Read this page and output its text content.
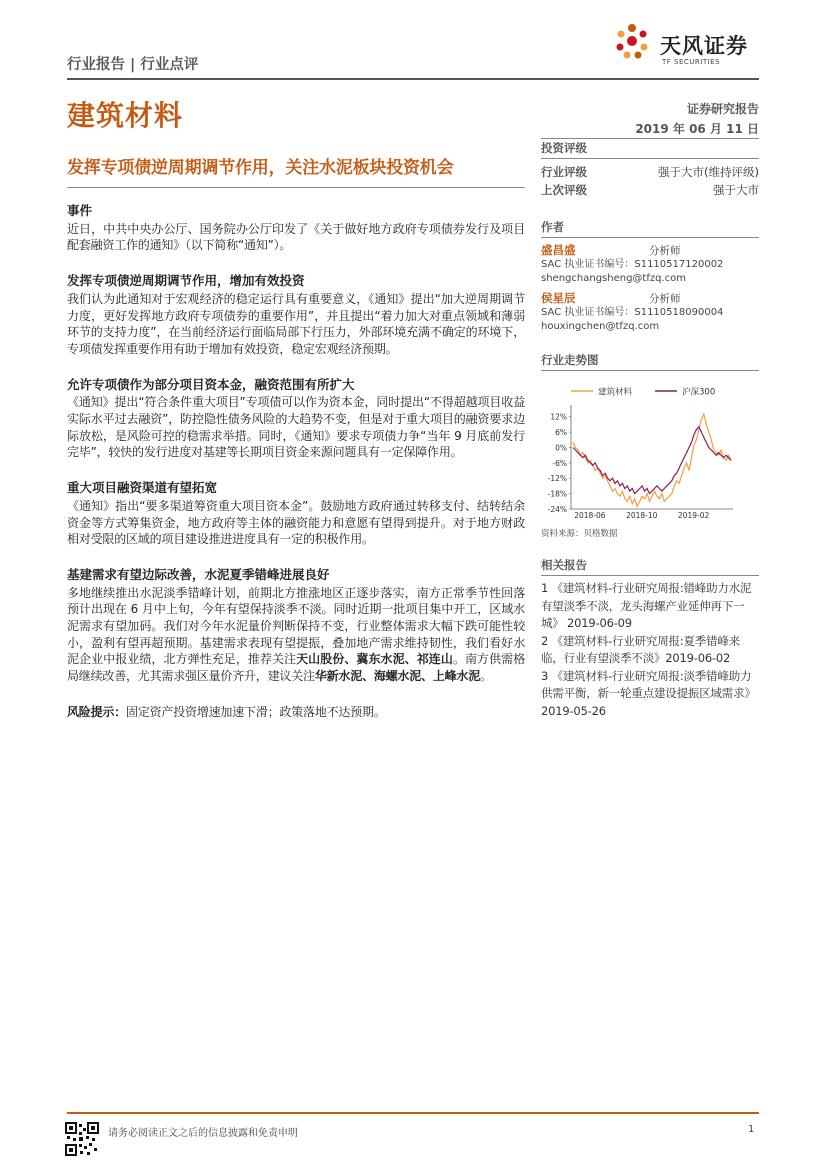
天风证券
TF SECURITIES
行业报告 | 行业点评
建筑材料	证券研究报告
2019 年 06 月 11 日
发挥专项债逆周期调节作用，关注水泥板块投资机会
事件

近日，中共中央办公厅、国务院办公厅印发了《关于做好地方政府专项债券发行及项目配套融资工作的通知》（以下简称“通知”）。

发挥专项债逆周期调节作用，增加有效投资

我们认为此通知对于宏观经济的稳定运行具有重要意义，《通知》提出“加大逆周期调节力度，更好发挥地方政府专项债券的重要作用”，并且提出“着力加大对重点领域和薄弱环节的支持力度”，在当前经济运行面临局部下行压力，外部环境充满不确定的环境下，专项债发挥重要作用有助于增加有效投资，稳定宏观经济预期。

允许专项债作为部分项目资本金，融资范围有所扩大

《通知》提出“符合条件重大项目”专项债可以作为资本金，同时提出“不得超越项目收益实际水平过去融资”，防控隐性债务风险的大趋势不变，但是对于重大项目的融资要求边际放松，是风险可控的稳需求举措。同时，《通知》要求专项债力争“当年 9 月底前发行完毕”，较快的发行进度对基建等长期项目资金来源问题具有一定保障作用。

重大项目融资渠道有望拓宽

《通知》指出“要多渠道筹资重大项目资本金”。鼓励地方政府通过转移支付、结转结余资金等方式筹集资金，地方政府等主体的融资能力和意愿有望得到提升。对于地方财政相对受限的区域的项目建设推进进度具有一定的积极作用。

基建需求有望边际改善，水泥夏季错峰进展良好

多地继续推出水泥淡季错峰计划，前期北方推涨地区正逐步落实，南方正常季节性回落预计出现在 6 月中上旬，今年有望保持淡季不淡。同时近期一批项目集中开工，区域水泥需求有望加码。我们对今年水泥量价判断保持不变，行业整体需求大幅下跌可能性较小，盈利有望再超预期。基建需求表现有望提振，叠加地产需求维持韧性，我们看好水泥企业中报业绩，北方弹性充足，推荐关注天山股份、冀东水泥、祁连山。南方供需格局继续改善，尤其需求强区量价齐升，建议关注华新水泥、海螺水泥、上峰水泥。

风险提示：固定资产投资增速加速下滑；政策落地不达预期。

投资评级
行业评级	强于大市(维持评级)
上次评级	强于大市
作者
盛昌盛	分析师
SAC 执业证书编号：S1110517120002
shengchangsheng@tfzq.com
侯星辰	分析师
SAC 执业证书编号：S1110518090004
houxingchen@tfzq.com
行业走势图
建筑材料	沪深300
12%
6%
0%
-6%
-12%
-18%
-24%
2018-06	2018-10	2019-02
资料来源：贝格数据
相关报告
1 《建筑材料-行业研究周报:错峰助力水泥有望淡季不淡，龙头海螺产业延伸再下一城》 2019-06-09
2 《建筑材料-行业研究周报:夏季错峰来临，行业有望淡季不淡》2019-06-02
3 《建筑材料-行业研究周报:淡季错峰助力供需平衡，新一轮重点建设提振区域需求》 2019-05-26
请务必阅读正文之后的信息披露和免责申明	1
